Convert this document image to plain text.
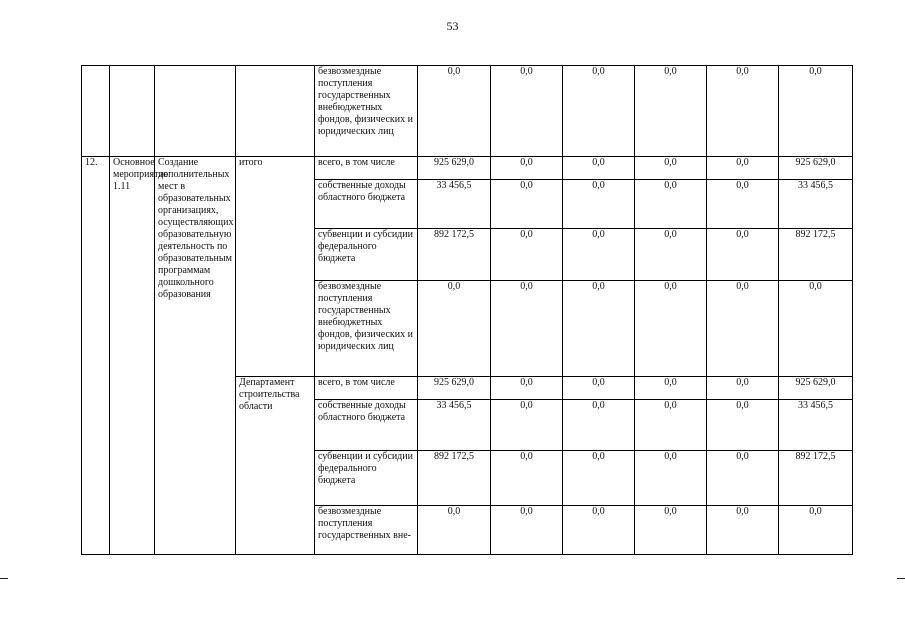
53
				безвозмездные поступления государственных внебюджетных фондов, физических и юридических лиц	0,0	0,0	0,0	0,0	0,0	0,0
12.	Основное мероприятие 1.11	Создание дополнительных мест в образовательных организациях, осуществляющих образовательную деятельность по образовательным программам дошкольного образования	итого	всего, в том числе	925 629,0	0,0	0,0	0,0	0,0	925 629,0
				собственные доходы областного бюджета	33 456,5	0,0	0,0	0,0	0,0	33 456,5
				субвенции и субсидии федерального бюджета	892 172,5	0,0	0,0	0,0	0,0	892 172,5
				безвозмездные поступления государственных внебюджетных фондов, физических и юридических лиц	0,0	0,0	0,0	0,0	0,0	0,0
			Департамент строительства области	всего, в том числе	925 629,0	0,0	0,0	0,0	0,0	925 629,0
				собственные доходы областного бюджета	33 456,5	0,0	0,0	0,0	0,0	33 456,5
				субвенции и субсидии федерального бюджета	892 172,5	0,0	0,0	0,0	0,0	892 172,5
				безвозмездные поступления государственных вне-	0,0	0,0	0,0	0,0	0,0	0,0
